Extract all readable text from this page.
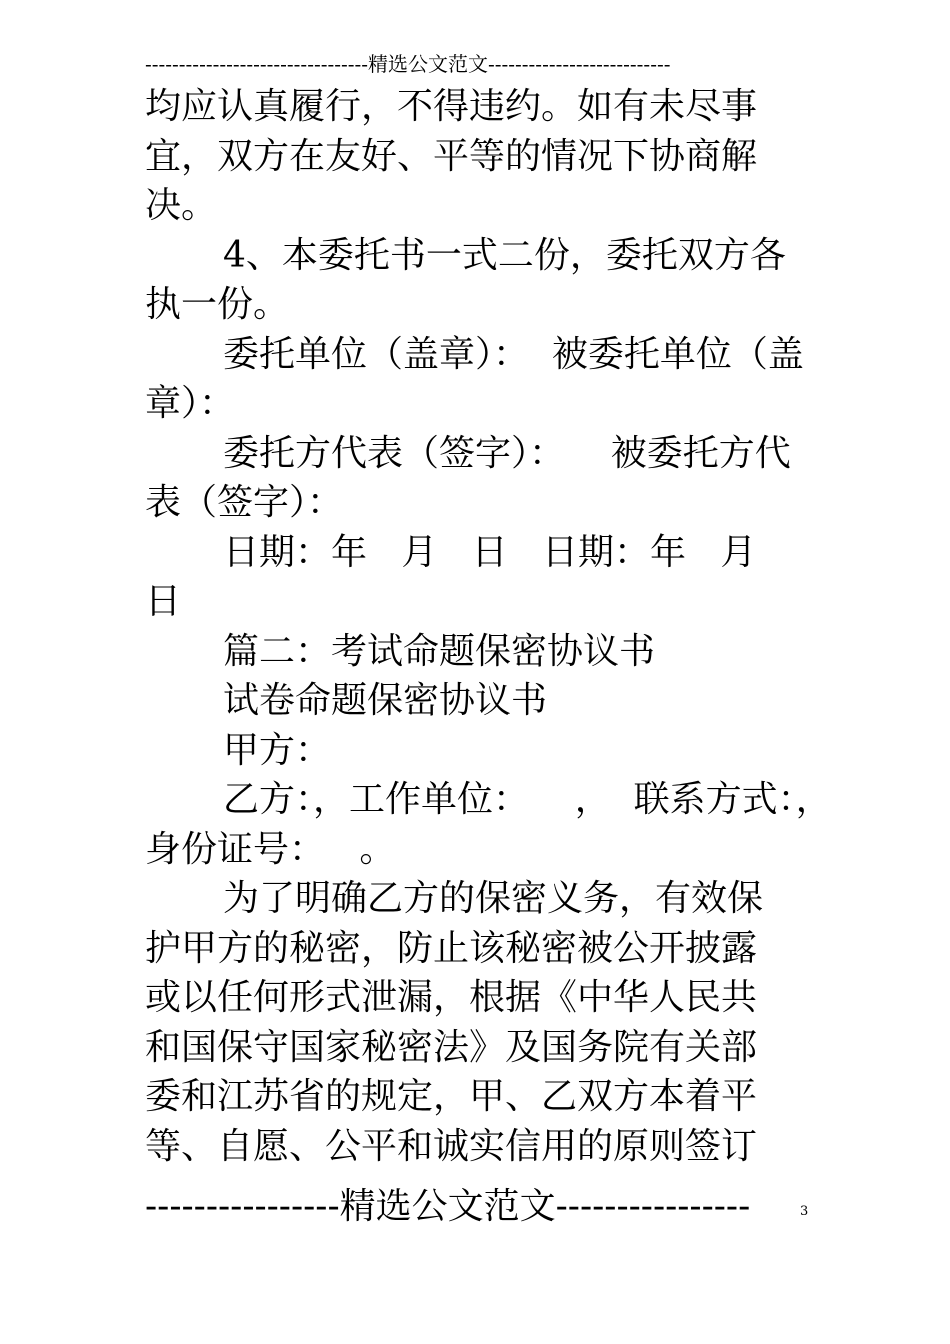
---------------------------------精选公文范文---------------------------
均应认真履行，不得违约。如有未尽事
宜，双方在友好、平等的情况下协商解
决。
4、本委托书一式二份，委托双方各
执一份。
委托单位（盖章）：  被委托单位（盖
章）：
委托方代表（签字）：    被委托方代
表（签字）：
日期：年   月   日   日期：年   月
日
篇二：考试命题保密协议书
试卷命题保密协议书
甲方：
乙方：，工作单位：    ，  联系方式：，
身份证号：   。
为了明确乙方的保密义务，有效保
护甲方的秘密，防止该秘密被公开披露
或以任何形式泄漏，根据《中华人民共
和国保守国家秘密法》及国务院有关部
委和江苏省的规定，甲、乙双方本着平
等、自愿、公平和诚实信用的原则签订
----------------精选公文范文----------------	3
